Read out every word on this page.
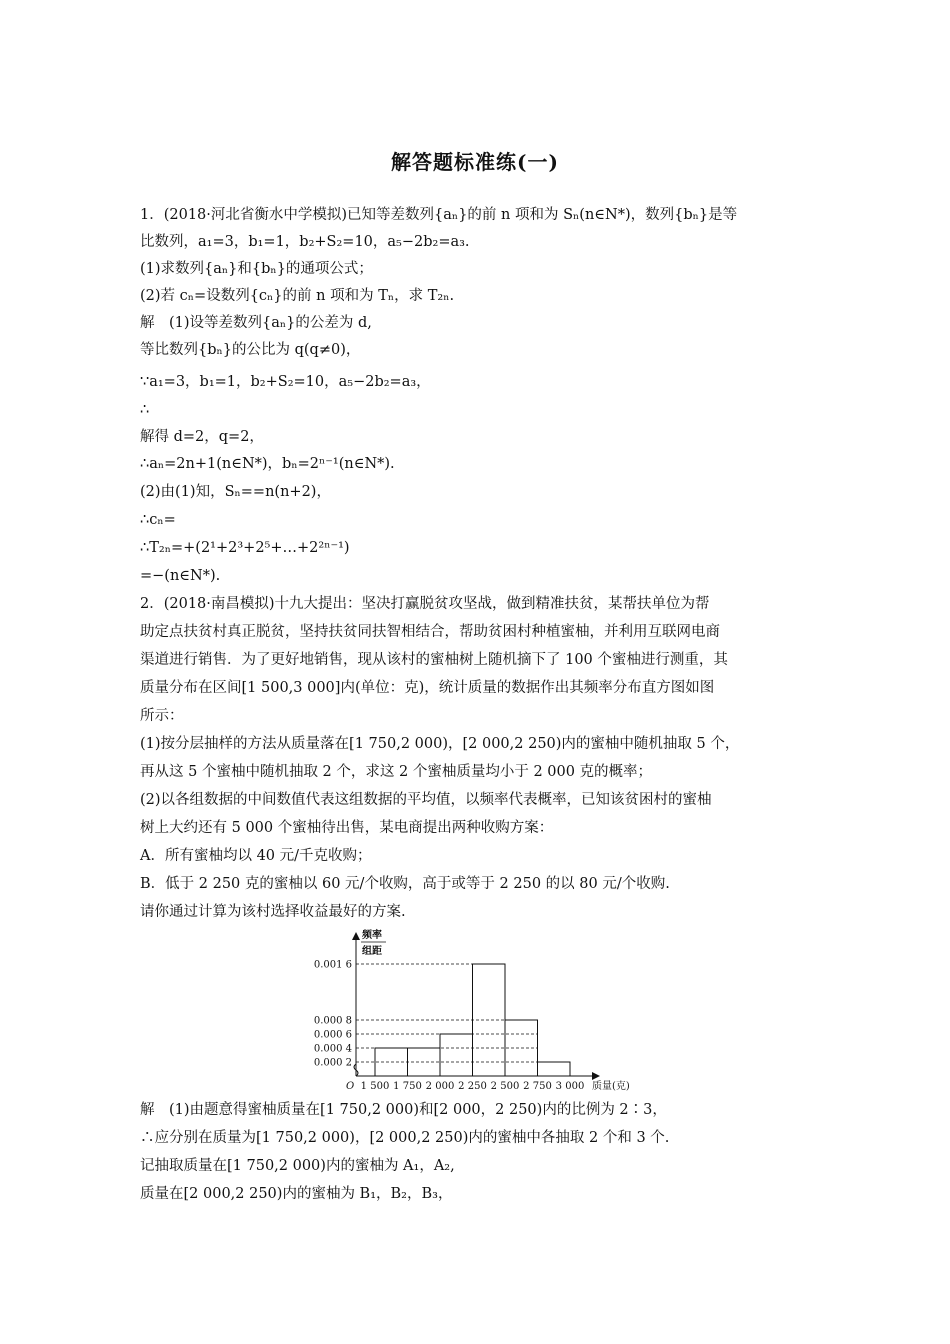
解答题标准练(一)
1．(2018·河北省衡水中学模拟)已知等差数列{aₙ}的前 n 项和为 Sₙ(n∈N*)，数列{bₙ}是等
比数列，a₁=3，b₁=1，b₂+S₂=10，a₅−2b₂=a₃.
(1)求数列{aₙ}和{bₙ}的通项公式；
(2)若 cₙ=设数列{cₙ}的前 n 项和为 Tₙ，求 T₂ₙ.
解　(1)设等差数列{aₙ}的公差为 d,
等比数列{bₙ}的公比为 q(q≠0)，
∵a₁=3，b₁=1，b₂+S₂=10，a₅−2b₂=a₃，
∴
解得 d=2，q=2，
∴aₙ=2n+1(n∈N*)，bₙ=2ⁿ⁻¹(n∈N*).
(2)由(1)知，Sₙ==n(n+2)，
∴cₙ=
∴T₂ₙ=+(2¹+2³+2⁵+…+2²ⁿ⁻¹)
=−(n∈N*).
2．(2018·南昌模拟)十九大提出：坚决打赢脱贫攻坚战，做到精准扶贫，某帮扶单位为帮
助定点扶贫村真正脱贫，坚持扶贫同扶智相结合，帮助贫困村种植蜜柚，并利用互联网电商
渠道进行销售．为了更好地销售，现从该村的蜜柚树上随机摘下了 100 个蜜柚进行测重，其
质量分布在区间[1 500,3 000]内(单位：克)，统计质量的数据作出其频率分布直方图如图
所示：
(1)按分层抽样的方法从质量落在[1 750,2 000)，[2 000,2 250)内的蜜柚中随机抽取 5 个，
再从这 5 个蜜柚中随机抽取 2 个，求这 2 个蜜柚质量均小于 2 000 克的概率；
(2)以各组数据的中间数值代表这组数据的平均值，以频率代表概率，已知该贫困村的蜜柚
树上大约还有 5 000 个蜜柚待出售，某电商提出两种收购方案：
A．所有蜜柚均以 40 元/千克收购；
B．低于 2 250 克的蜜柚以 60 元/个收购，高于或等于 2 250 的以 80 元/个收购.
请你通过计算为该村选择收益最好的方案.
频率
组距
O	质量(克)
0.001 6
0.000 8
0.000 6
0.000 4
0.000 2
1 500 1 750 2 000 2 250 2 500 2 750 3 000
解　(1)由题意得蜜柚质量在[1 750,2 000)和[2 000，2 250)内的比例为 2∶3，
∴应分别在质量为[1 750,2 000)，[2 000,2 250)内的蜜柚中各抽取 2 个和 3 个.
记抽取质量在[1 750,2 000)内的蜜柚为 A₁，A₂,
质量在[2 000,2 250)内的蜜柚为 B₁，B₂，B₃，
